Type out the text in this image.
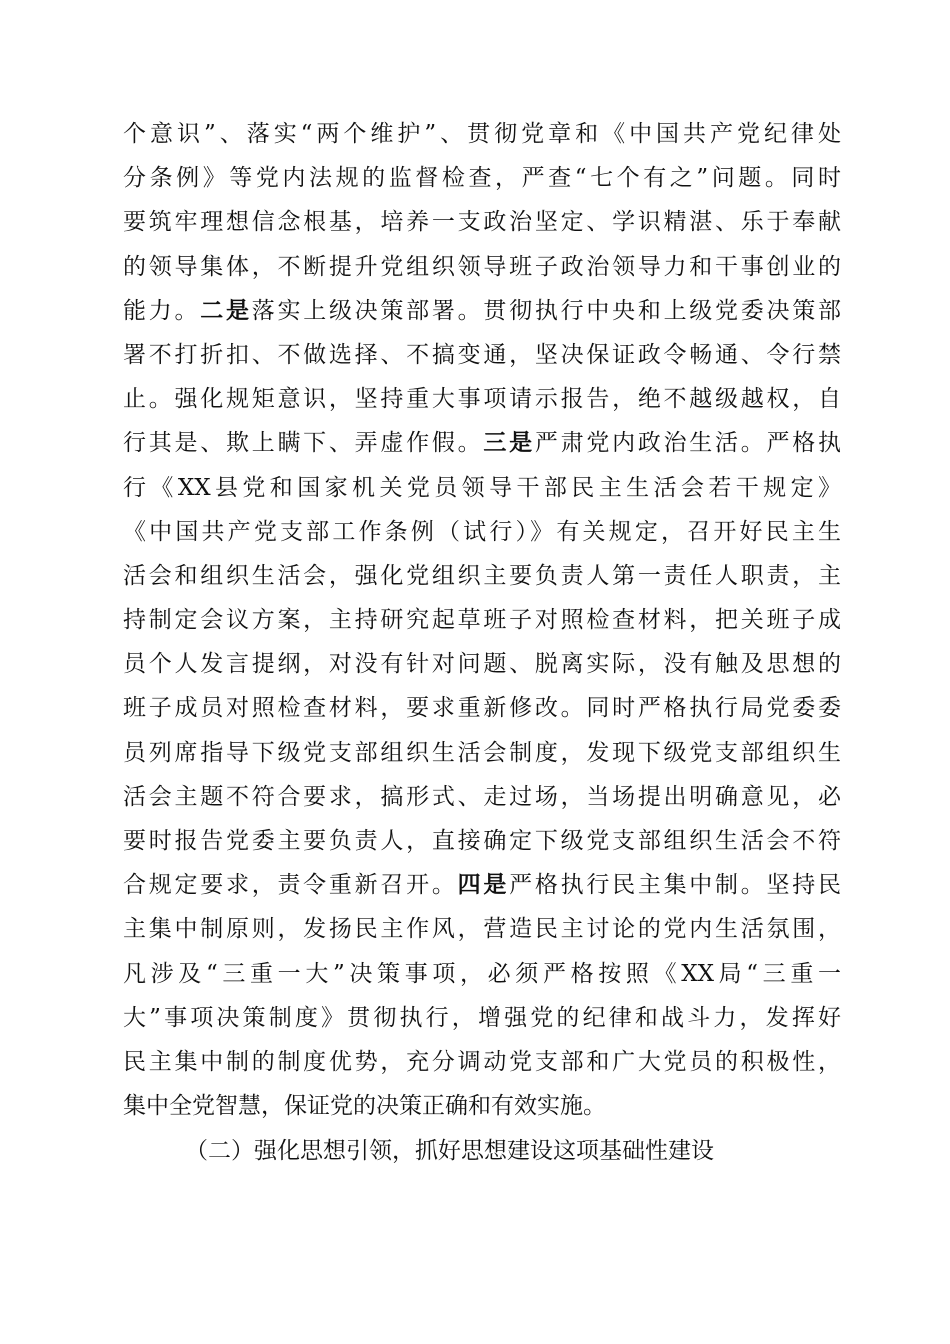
个意识”、落实“两个维护”、贯彻党章和《中国共产党纪律处
分条例》等党内法规的监督检查，严查“七个有之”问题。同时
要筑牢理想信念根基，培养一支政治坚定、学识精湛、乐于奉献
的领导集体，不断提升党组织领导班子政治领导力和干事创业的
能力。二是落实上级决策部署。贯彻执行中央和上级党委决策部
署不打折扣、不做选择、不搞变通，坚决保证政令畅通、令行禁
止。强化规矩意识，坚持重大事项请示报告，绝不越级越权，自
行其是、欺上瞒下、弄虚作假。三是严肃党内政治生活。严格执
行《XX县党和国家机关党员领导干部民主生活会若干规定》
《中国共产党支部工作条例（试行）》有关规定，召开好民主生
活会和组织生活会，强化党组织主要负责人第一责任人职责，主
持制定会议方案，主持研究起草班子对照检查材料，把关班子成
员个人发言提纲，对没有针对问题、脱离实际，没有触及思想的
班子成员对照检查材料，要求重新修改。同时严格执行局党委委
员列席指导下级党支部组织生活会制度，发现下级党支部组织生
活会主题不符合要求，搞形式、走过场，当场提出明确意见，必
要时报告党委主要负责人，直接确定下级党支部组织生活会不符
合规定要求，责令重新召开。四是严格执行民主集中制。坚持民
主集中制原则，发扬民主作风，营造民主讨论的党内生活氛围，
凡涉及“三重一大”决策事项，必须严格按照《XX局“三重一
大”事项决策制度》贯彻执行，增强党的纪律和战斗力，发挥好
民主集中制的制度优势，充分调动党支部和广大党员的积极性，
集中全党智慧，保证党的决策正确和有效实施。
（二）强化思想引领，抓好思想建设这项基础性建设
